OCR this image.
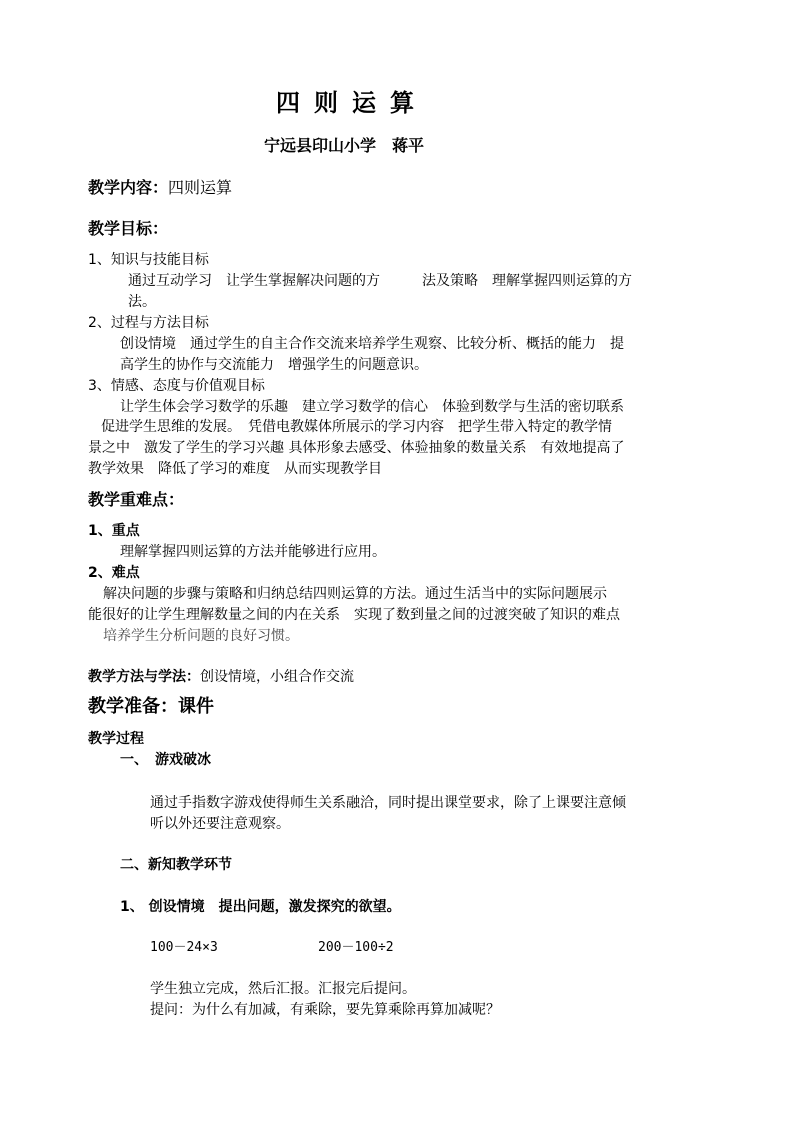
四则运算
宁远县印山小学　蒋平
教学内容：四则运算
教学目标：
1、知识与技能目标
通过互动学习　让学生掌握解决问题的方　　　法及策略　理解掌握四则运算的方
法。
2、过程与方法目标
创设情境　通过学生的自主合作交流来培养学生观察、比较分析、概括的能力　提
高学生的协作与交流能力　增强学生的问题意识。
3、情感、态度与价值观目标
让学生体会学习数学的乐趣　建立学习数学的信心　体验到数学与生活的密切联系
促进学生思维的发展。　凭借电教媒体所展示的学习内容　把学生带入特定的教学情
景之中　激发了学生的学习兴趣 具体形象去感受、体验抽象的数量关系　有效地提高了
教学效果　降低了学习的难度　从而实现教学目
教学重难点：
1、重点
理解掌握四则运算的方法并能够进行应用。
2、难点
解决问题的步骤与策略和归纳总结四则运算的方法。通过生活当中的实际问题展示
能很好的让学生理解数量之间的内在关系　实现了数到量之间的过渡突破了知识的难点
培养学生分析问题的良好习惯。
教学方法与学法：创设情境，小组合作交流
教学准备：课件
教学过程
一、　游戏破冰
通过手指数字游戏使得师生关系融洽，同时提出课堂要求，除了上课要注意倾
听以外还要注意观察。
二、新知教学环节
1、 创设情境　提出问题，激发探究的欲望。
100－24×3	200－100÷2
学生独立完成，然后汇报。汇报完后提问。
提问：为什么有加减，有乘除，要先算乘除再算加减呢？
